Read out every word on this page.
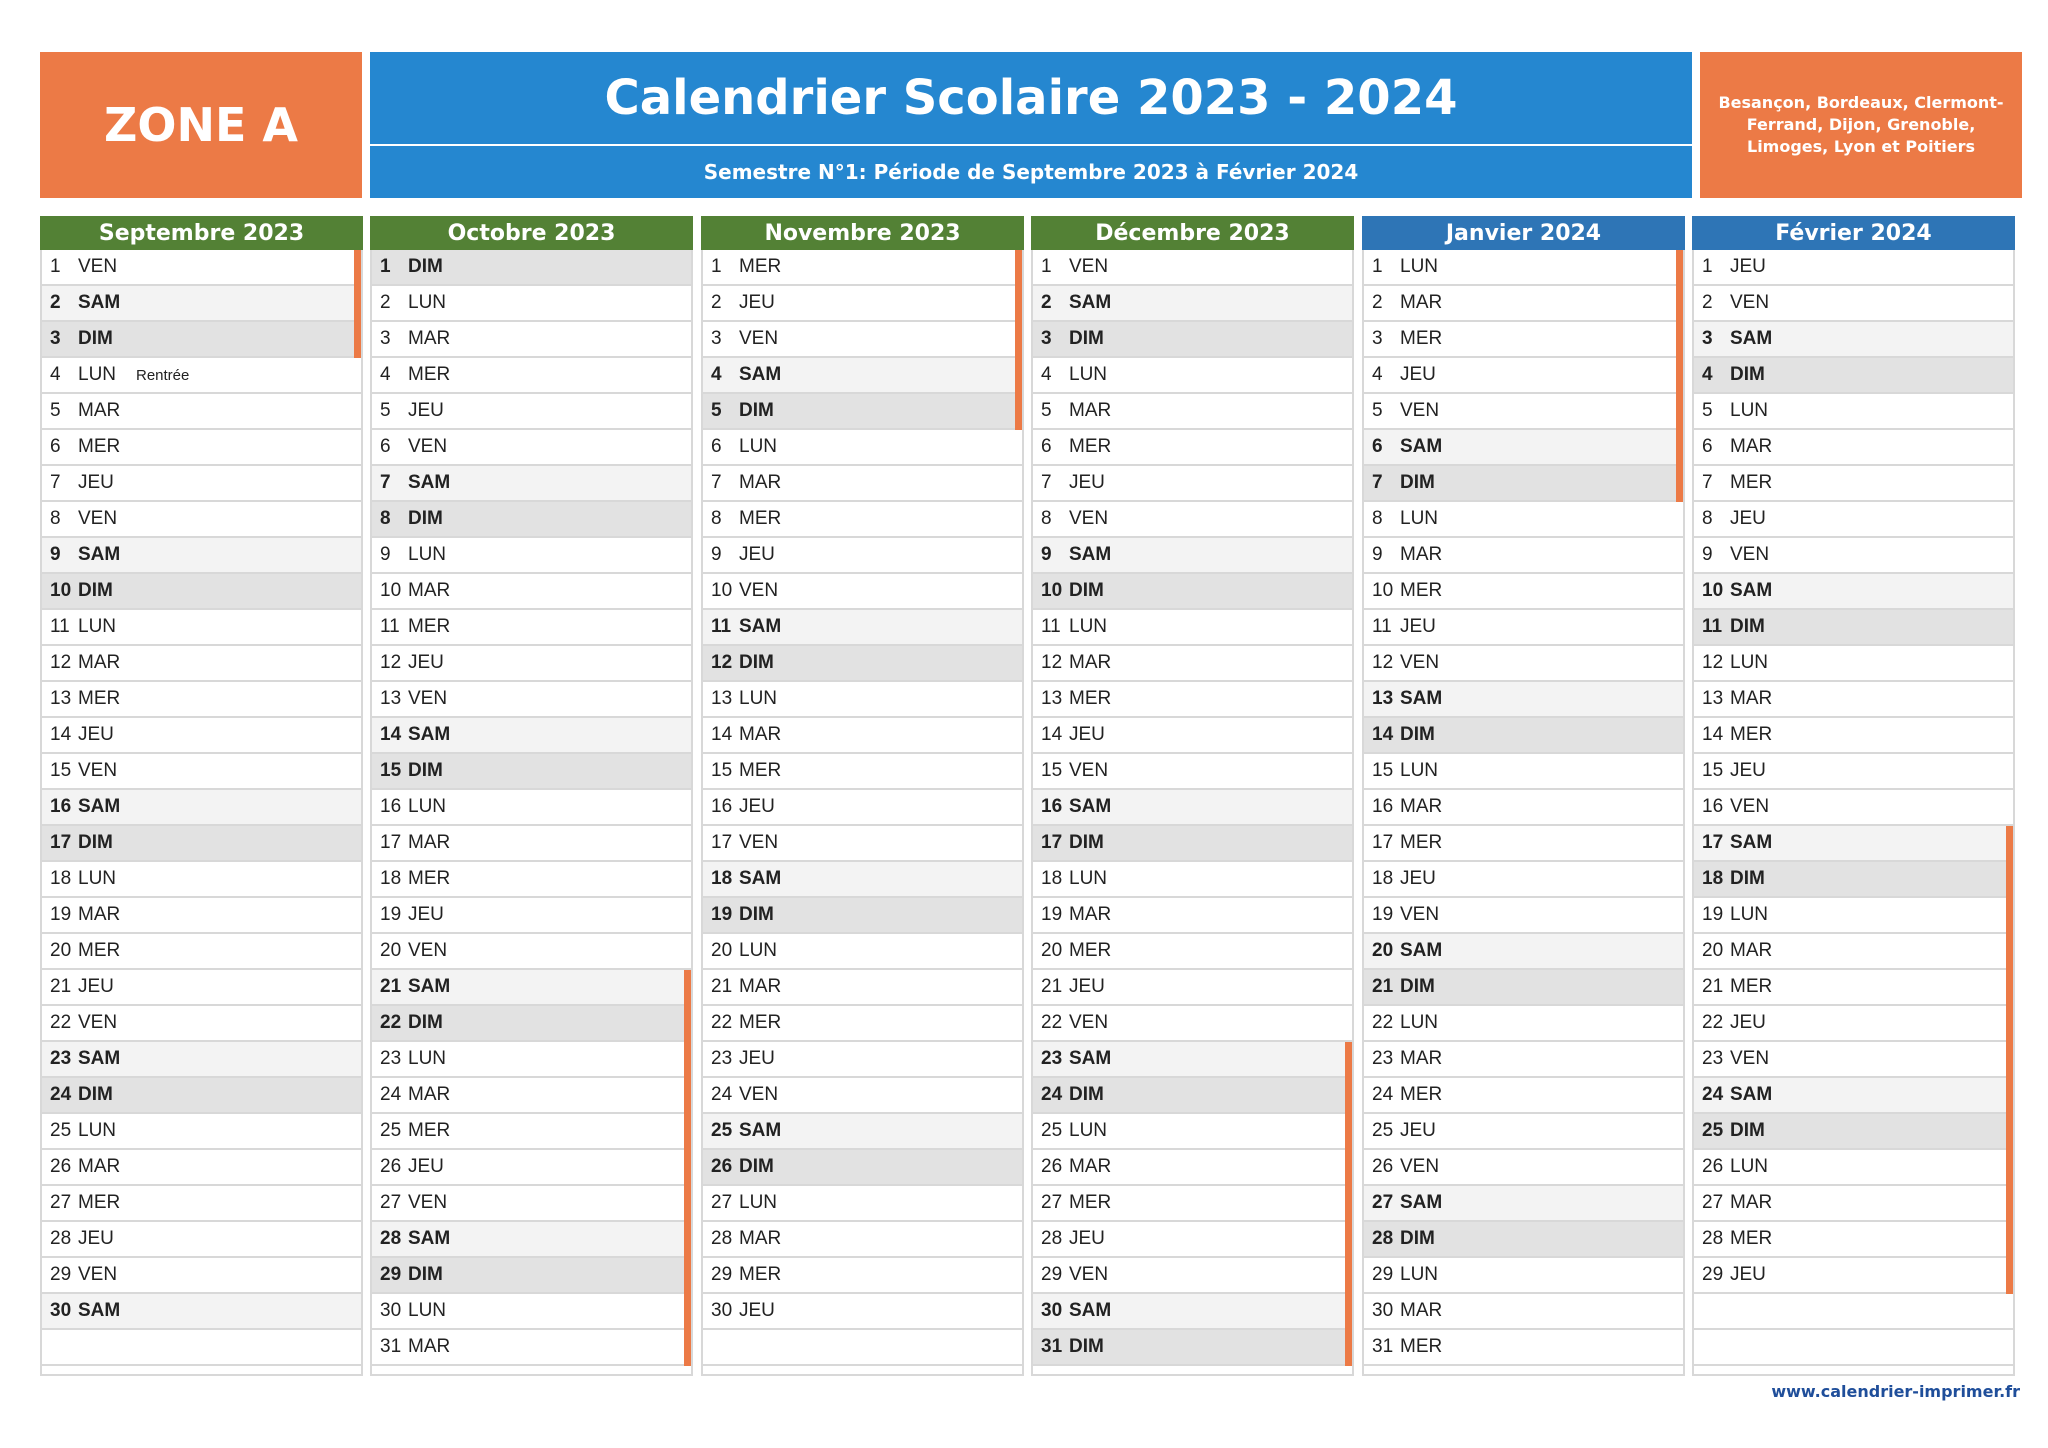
ZONE A	Calendrier Scolaire 2023 - 2024
Semestre N°1: Période de Septembre 2023 à Février 2024
Besançon, Bordeaux, Clermont-Ferrand, Dijon, Grenoble, Limoges, Lyon et Poitiers
Septembre 2023
1 VEN
2 SAM
3 DIM
4 LUN	Rentrée
5 MAR
6 MER
7 JEU
8 VEN
9 SAM
10 DIM
11 LUN
12 MAR
13 MER
14 JEU
15 VEN
16 SAM
17 DIM
18 LUN
19 MAR
20 MER
21 JEU
22 VEN
23 SAM
24 DIM
25 LUN
26 MAR
27 MER
28 JEU
29 VEN
30 SAM
Octobre 2023
1 DIM
2 LUN
3 MAR
4 MER
5 JEU
6 VEN
7 SAM
8 DIM
9 LUN
10 MAR
11 MER
12 JEU
13 VEN
14 SAM
15 DIM
16 LUN
17 MAR
18 MER
19 JEU
20 VEN
21 SAM
22 DIM
23 LUN
24 MAR
25 MER
26 JEU
27 VEN
28 SAM
29 DIM
30 LUN
31 MAR
Novembre 2023
1 MER
2 JEU
3 VEN
4 SAM
5 DIM
6 LUN
7 MAR
8 MER
9 JEU
10 VEN
11 SAM
12 DIM
13 LUN
14 MAR
15 MER
16 JEU
17 VEN
18 SAM
19 DIM
20 LUN
21 MAR
22 MER
23 JEU
24 VEN
25 SAM
26 DIM
27 LUN
28 MAR
29 MER
30 JEU
Décembre 2023
1 VEN
2 SAM
3 DIM
4 LUN
5 MAR
6 MER
7 JEU
8 VEN
9 SAM
10 DIM
11 LUN
12 MAR
13 MER
14 JEU
15 VEN
16 SAM
17 DIM
18 LUN
19 MAR
20 MER
21 JEU
22 VEN
23 SAM
24 DIM
25 LUN
26 MAR
27 MER
28 JEU
29 VEN
30 SAM
31 DIM
Janvier 2024
1 LUN
2 MAR
3 MER
4 JEU
5 VEN
6 SAM
7 DIM
8 LUN
9 MAR
10 MER
11 JEU
12 VEN
13 SAM
14 DIM
15 LUN
16 MAR
17 MER
18 JEU
19 VEN
20 SAM
21 DIM
22 LUN
23 MAR
24 MER
25 JEU
26 VEN
27 SAM
28 DIM
29 LUN
30 MAR
31 MER
Février 2024
1 JEU
2 VEN
3 SAM
4 DIM
5 LUN
6 MAR
7 MER
8 JEU
9 VEN
10 SAM
11 DIM
12 LUN
13 MAR
14 MER
15 JEU
16 VEN
17 SAM
18 DIM
19 LUN
20 MAR
21 MER
22 JEU
23 VEN
24 SAM
25 DIM
26 LUN
27 MAR
28 MER
29 JEU
www.calendrier-imprimer.fr
